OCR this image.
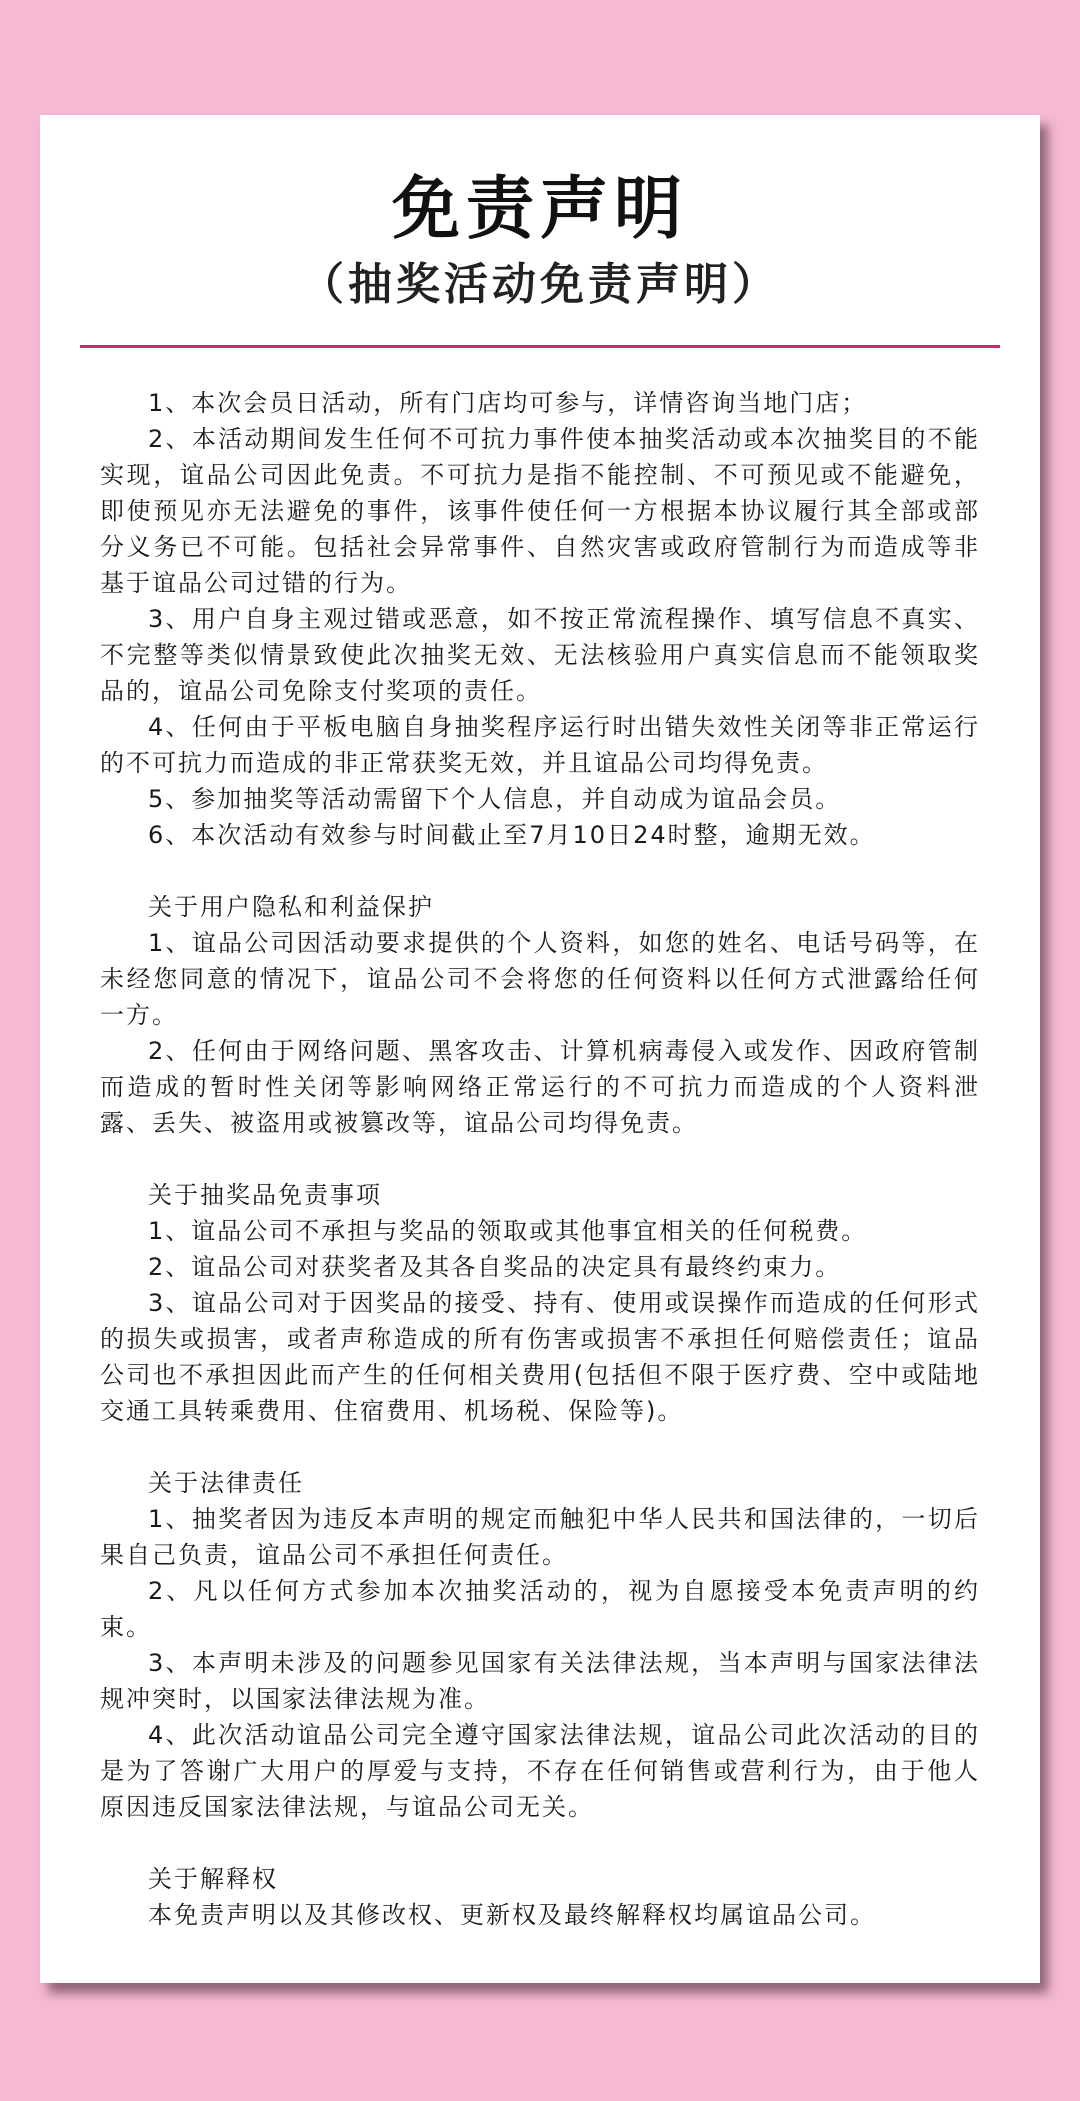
免责声明
（抽奖活动免责声明）

1、本次会员日活动，所有门店均可参与，详情咨询当地门店；

2、本活动期间发生任何不可抗力事件使本抽奖活动或本次抽奖目的不能实现，谊品公司因此免责。不可抗力是指不能控制、不可预见或不能避免，即使预见亦无法避免的事件，该事件使任何一方根据本协议履行其全部或部分义务已不可能。包括社会异常事件、自然灾害或政府管制行为而造成等非基于谊品公司过错的行为。

3、用户自身主观过错或恶意，如不按正常流程操作、填写信息不真实、不完整等类似情景致使此次抽奖无效、无法核验用户真实信息而不能领取奖品的，谊品公司免除支付奖项的责任。

4、任何由于平板电脑自身抽奖程序运行时出错失效性关闭等非正常运行的不可抗力而造成的非正常获奖无效，并且谊品公司均得免责。

5、参加抽奖等活动需留下个人信息，并自动成为谊品会员。

6、本次活动有效参与时间截止至7月10日24时整，逾期无效。

关于用户隐私和利益保护

1、谊品公司因活动要求提供的个人资料，如您的姓名、电话号码等，在未经您同意的情况下，谊品公司不会将您的任何资料以任何方式泄露给任何一方。

2、任何由于网络问题、黑客攻击、计算机病毒侵入或发作、因政府管制而造成的暂时性关闭等影响网络正常运行的不可抗力而造成的个人资料泄露、丢失、被盗用或被篡改等，谊品公司均得免责。

关于抽奖品免责事项

1、谊品公司不承担与奖品的领取或其他事宜相关的任何税费。

2、谊品公司对获奖者及其各自奖品的决定具有最终约束力。

3、谊品公司对于因奖品的接受、持有、使用或误操作而造成的任何形式的损失或损害，或者声称造成的所有伤害或损害不承担任何赔偿责任；谊品公司也不承担因此而产生的任何相关费用(包括但不限于医疗费、空中或陆地交通工具转乘费用、住宿费用、机场税、保险等)。

关于法律责任

1、抽奖者因为违反本声明的规定而触犯中华人民共和国法律的，一切后果自己负责，谊品公司不承担任何责任。

2、凡以任何方式参加本次抽奖活动的，视为自愿接受本免责声明的约束。

3、本声明未涉及的问题参见国家有关法律法规，当本声明与国家法律法规冲突时，以国家法律法规为准。

4、此次活动谊品公司完全遵守国家法律法规，谊品公司此次活动的目的是为了答谢广大用户的厚爱与支持，不存在任何销售或营利行为，由于他人原因违反国家法律法规，与谊品公司无关。

关于解释权

本免责声明以及其修改权、更新权及最终解释权均属谊品公司。
